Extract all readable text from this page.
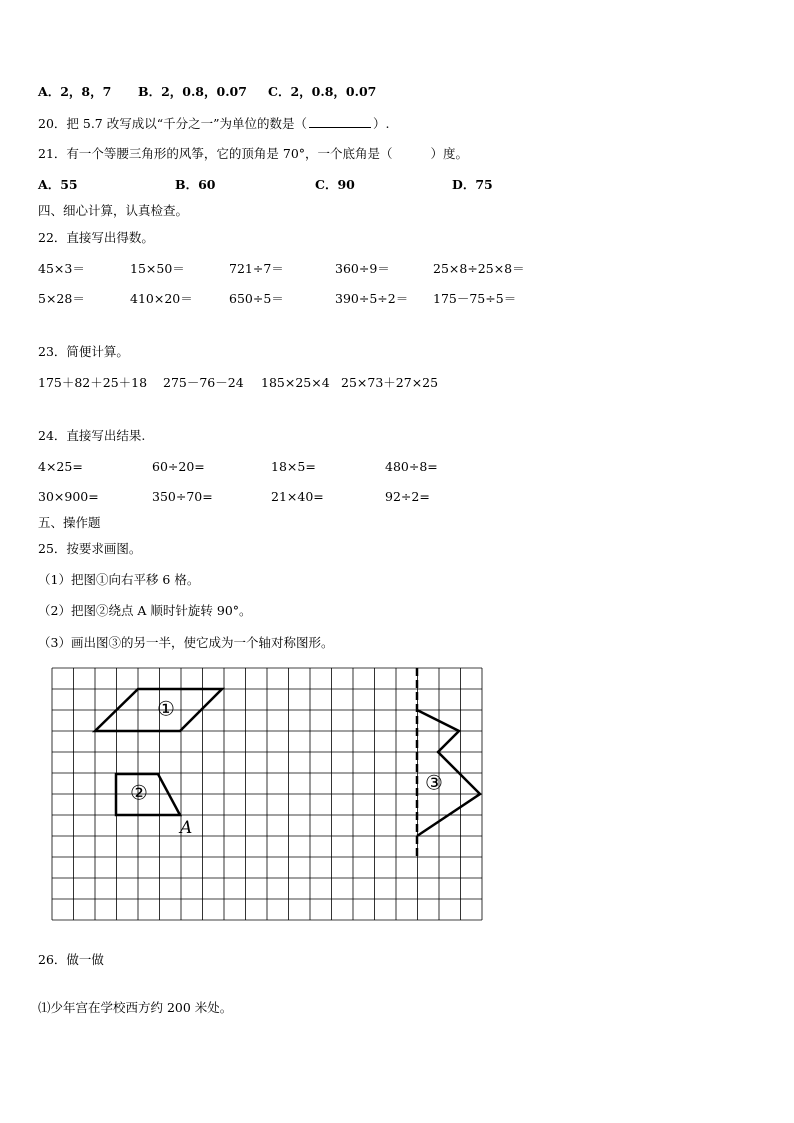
A．2，8，7 B．2，0.8，0.07 C．2，0.8，0.07
20．把 5.7 改写成以“千分之一”为单位的数是（	）.
21．有一个等腰三角形的风筝，它的顶角是 70°，一个底角是（	）度。
A．55	B．60	C．90	D．75
四、细心计算，认真检查。
22．直接写出得数。
45×3＝	15×50＝	721÷7＝	360÷9＝	25×8÷25×8＝
5×28＝	410×20＝	650÷5＝	390÷5÷2＝ 175－75÷5＝
23．简便计算。
175＋82＋25＋18 275－76－24 185×25×4 25×73＋27×25
24．直接写出结果.
4×25=	60÷20=	18×5=	480÷8=
30×900=	350÷70=	21×40=	92÷2=
五、操作题
25．按要求画图。
（1）把图①向右平移 6 格。
（2）把图②绕点 A 顺时针旋转 90°。
（3）画出图③的另一半，使它成为一个轴对称图形。
①
②	③
A
26．做一做
⑴少年宫在学校西方约 200 米处。
